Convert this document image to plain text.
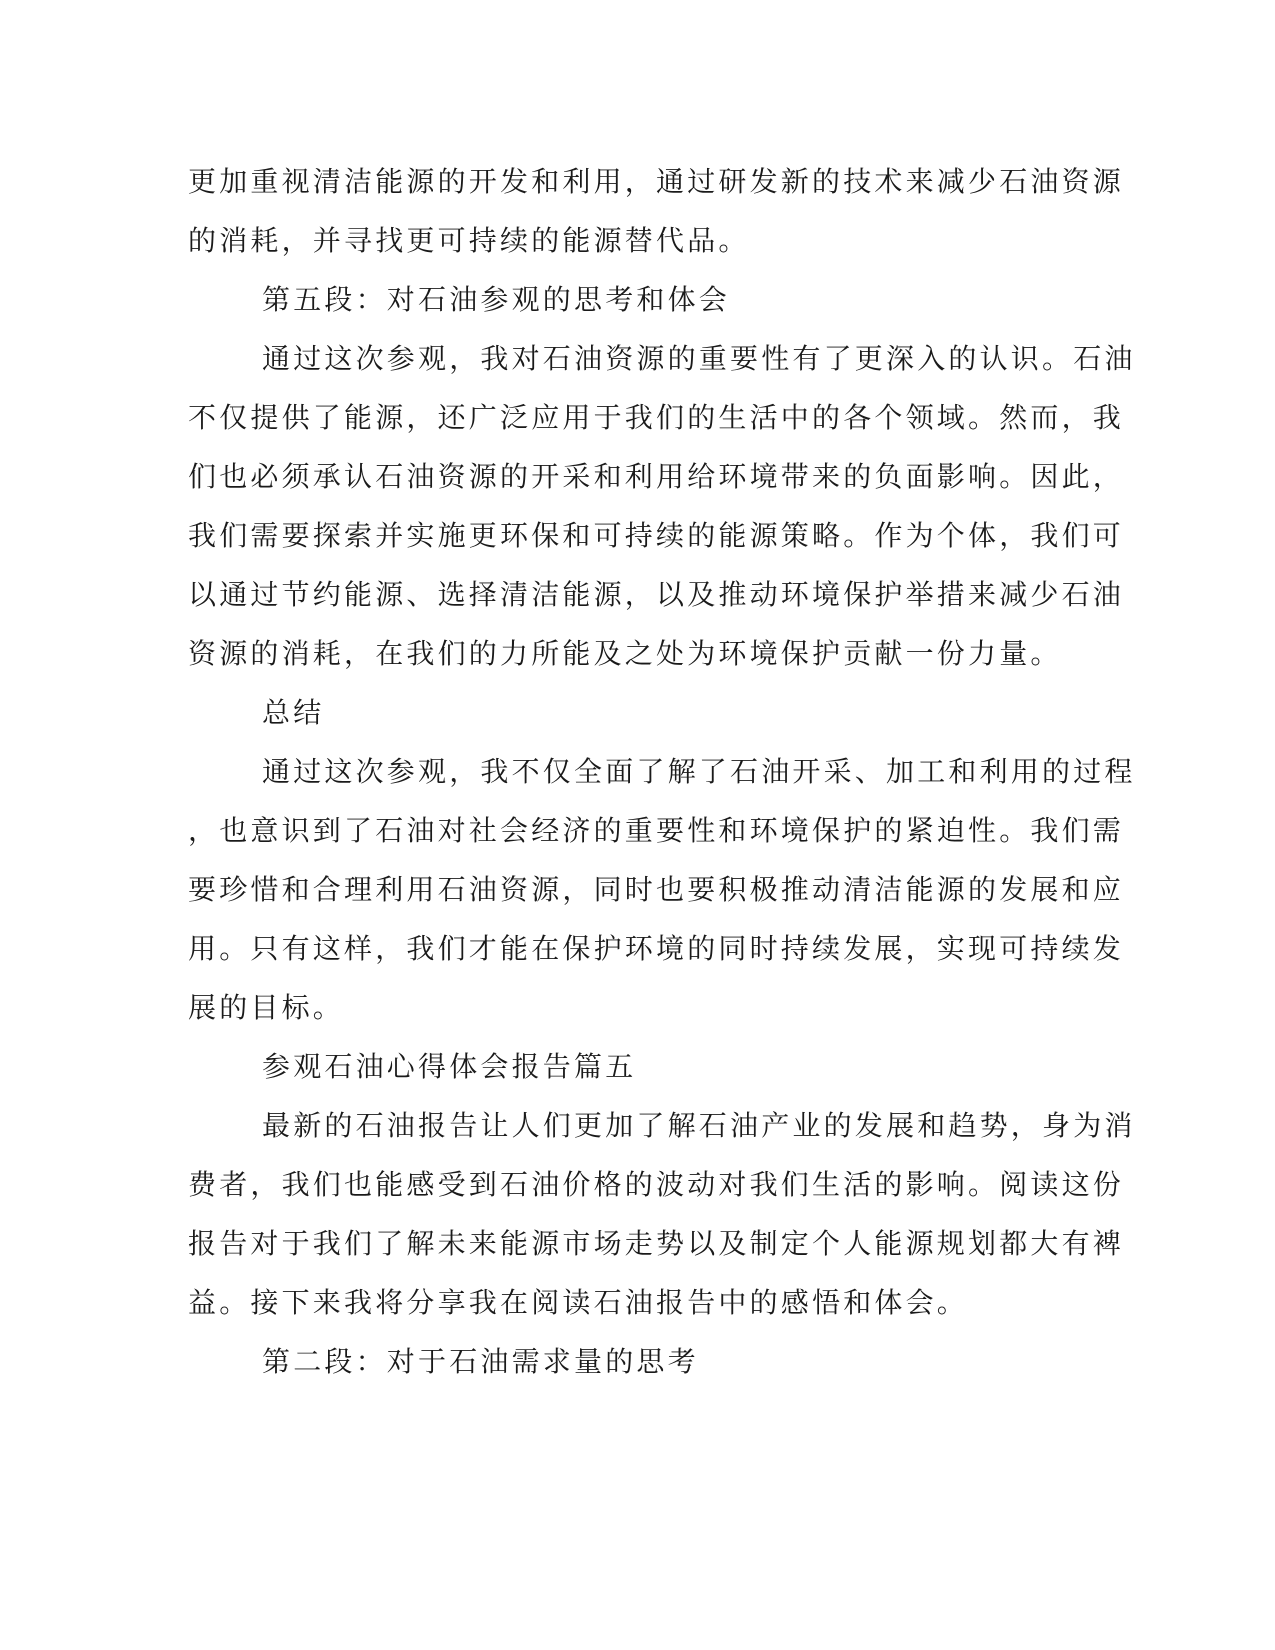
更加重视清洁能源的开发和利用，通过研发新的技术来减少石油资源

的消耗，并寻找更可持续的能源替代品。

第五段：对石油参观的思考和体会

通过这次参观，我对石油资源的重要性有了更深入的认识。石油

不仅提供了能源，还广泛应用于我们的生活中的各个领域。然而，我

们也必须承认石油资源的开采和利用给环境带来的负面影响。因此，

我们需要探索并实施更环保和可持续的能源策略。作为个体，我们可

以通过节约能源、选择清洁能源，以及推动环境保护举措来减少石油

资源的消耗，在我们的力所能及之处为环境保护贡献一份力量。

总结

通过这次参观，我不仅全面了解了石油开采、加工和利用的过程

，也意识到了石油对社会经济的重要性和环境保护的紧迫性。我们需

要珍惜和合理利用石油资源，同时也要积极推动清洁能源的发展和应

用。只有这样，我们才能在保护环境的同时持续发展，实现可持续发

展的目标。

参观石油心得体会报告篇五

最新的石油报告让人们更加了解石油产业的发展和趋势，身为消

费者，我们也能感受到石油价格的波动对我们生活的影响。阅读这份

报告对于我们了解未来能源市场走势以及制定个人能源规划都大有裨

益。接下来我将分享我在阅读石油报告中的感悟和体会。

第二段：对于石油需求量的思考
